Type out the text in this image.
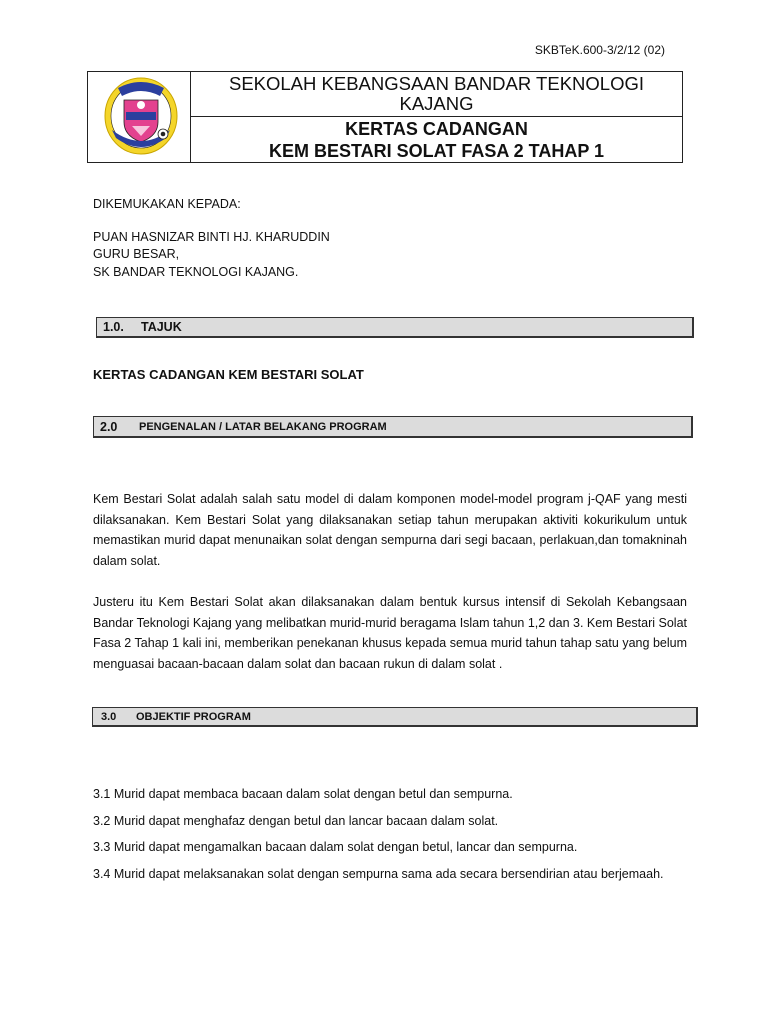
SKBTeK.600-3/2/12 (02)
SEKOLAH KEBANGSAAN BANDAR TEKNOLOGI KAJANG
KERTAS CADANGAN
KEM BESTARI SOLAT FASA 2 TAHAP 1
DIKEMUKAKAN KEPADA:
PUAN HASNIZAR BINTI HJ. KHARUDDIN
GURU BESAR,
SK BANDAR TEKNOLOGI KAJANG.
1.0.	TAJUK
KERTAS CADANGAN KEM BESTARI SOLAT
2.0	PENGENALAN / LATAR BELAKANG PROGRAM

Kem Bestari Solat adalah salah satu model di dalam komponen model-model program j-QAF yang mesti dilaksanakan. Kem Bestari Solat yang dilaksanakan setiap tahun merupakan aktiviti kokurikulum untuk memastikan murid dapat menunaikan solat dengan sempurna dari segi bacaan, perlakuan,dan tomakninah dalam solat.

Justeru itu Kem Bestari Solat akan dilaksanakan dalam bentuk kursus intensif di Sekolah Kebangsaan Bandar Teknologi Kajang yang melibatkan murid-murid beragama Islam tahun 1,2 dan 3. Kem Bestari Solat Fasa 2 Tahap 1 kali ini, memberikan penekanan khusus kepada semua murid tahun tahap satu yang belum menguasai bacaan-bacaan dalam solat dan bacaan rukun di dalam solat .

3.0	OBJEKTIF PROGRAM

3.1 Murid dapat membaca bacaan dalam solat dengan betul dan sempurna.

3.2 Murid dapat menghafaz dengan betul dan lancar bacaan dalam solat.

3.3 Murid dapat mengamalkan bacaan dalam solat dengan betul, lancar dan sempurna.

3.4 Murid dapat melaksanakan solat dengan sempurna sama ada secara bersendirian atau berjemaah.
